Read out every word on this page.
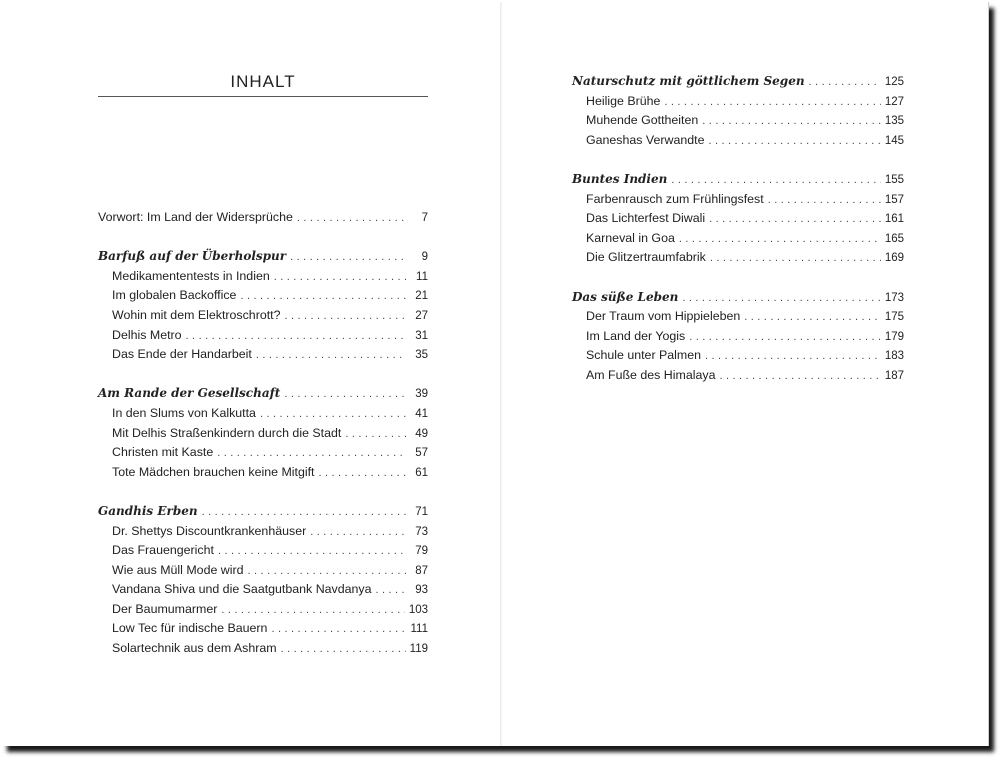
INHALT
Vorwort: Im Land der Widersprüche . . .	7
Barfuß auf der Überholspur . . .	9
Medikamententests in Indien . . .	11
Im globalen Backoffice . . .	21
Wohin mit dem Elektroschrott? . . .	27
Delhis Metro . . .	31
Das Ende der Handarbeit . . .	35
Am Rande der Gesellschaft . . .	39
In den Slums von Kalkutta . . .	41
Mit Delhis Straßenkindern durch die Stadt . . .	49
Christen mit Kaste . . .	57
Tote Mädchen brauchen keine Mitgift . . .	61
Gandhis Erben . . .	71
Dr. Shettys Discountkrankenhäuser . . .	73
Das Frauengericht . . .	79
Wie aus Müll Mode wird . . .	87
Vandana Shiva und die Saatgutbank Navdanya . . .	93
Der Baumumarmer . . .	103
Low Tec für indische Bauern . . .	111
Solartechnik aus dem Ashram . . .	119
Naturschutz mit göttlichem Segen . . .	125
Heilige Brühe . . .	127
Muhende Gottheiten . . .	135
Ganeshas Verwandte . . .	145
Buntes Indien . . .	155
Farbenrausch zum Frühlingsfest . . .	157
Das Lichterfest Diwali . . .	161
Karneval in Goa . . .	165
Die Glitzertraumfabrik . . .	169
Das süße Leben . . .	173
Der Traum vom Hippieleben . . .	175
Im Land der Yogis . . .	179
Schule unter Palmen . . .	183
Am Fuße des Himalaya . . .	187
